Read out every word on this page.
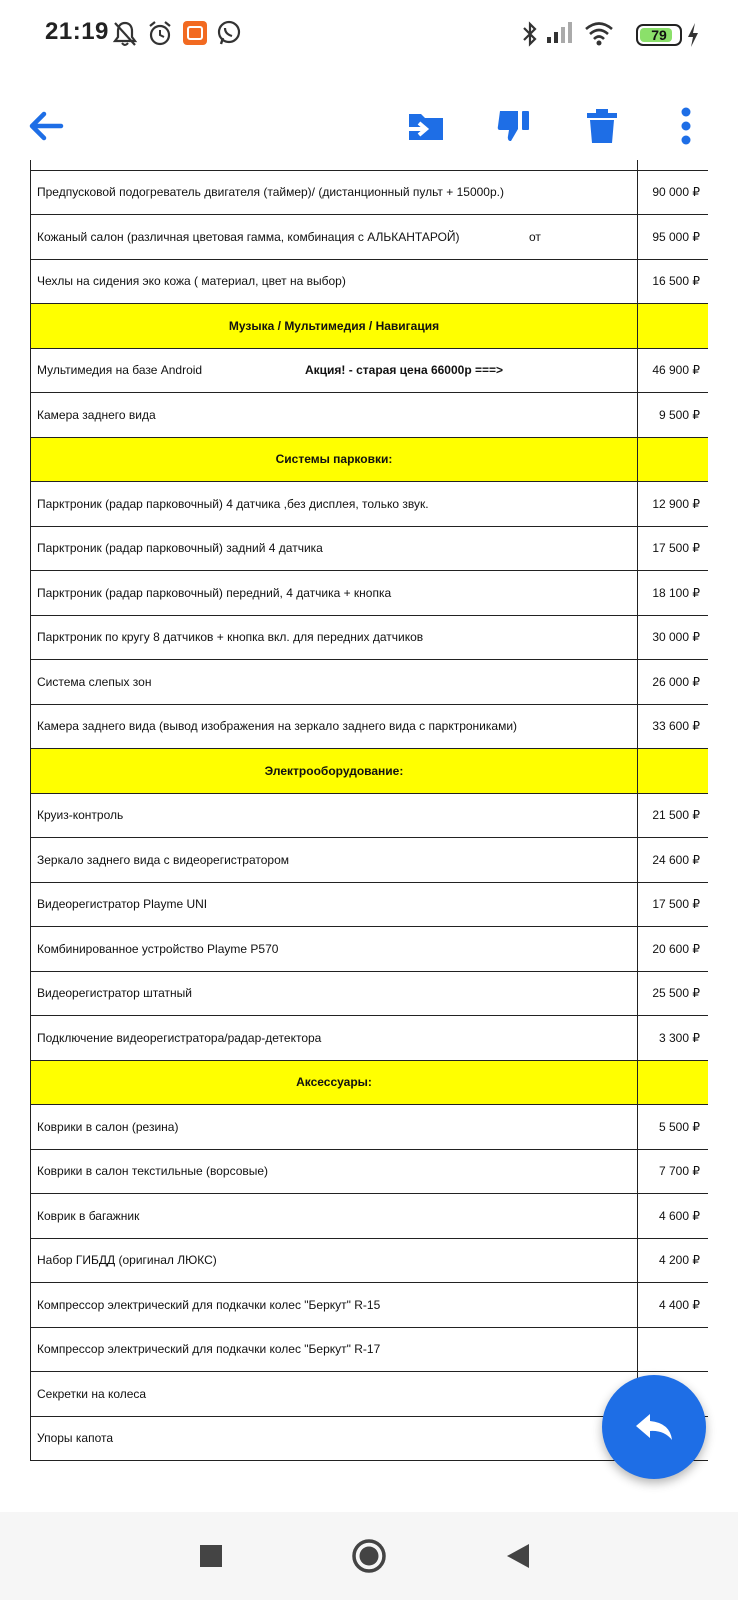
21:19	79

Предпусковой подогреватель двигателя (таймер)/ (дистанционный пульт + 15000р.)	90 000 ₽

Кожаный салон (различная цветовая гамма, комбинация с АЛЬКАНТАРОЙ) от	95 000 ₽

Чехлы на сидения эко кожа ( материал, цвет на выбор)	16 500 ₽
Музыка / Мультимедия / Навигация	

Мультимедия на базе Android Акция! - старая цена 66000р ===>	46 900 ₽

Камера заднего вида	9 500 ₽
Системы парковки:	

Парктроник (радар парковочный) 4 датчика ,без дисплея, только звук.	12 900 ₽

Парктроник (радар парковочный) задний 4 датчика	17 500 ₽

Парктроник (радар парковочный) передний, 4 датчика + кнопка	18 100 ₽

Парктроник по кругу 8 датчиков + кнопка вкл. для передних датчиков	30 000 ₽

Система слепых зон	26 000 ₽

Камера заднего вида (вывод изображения на зеркало заднего вида с парктрониками)	33 600 ₽
Электрооборудование:	

Круиз-контроль	21 500 ₽

Зеркало заднего вида с видеорегистратором	24 600 ₽

Видеорегистратор Playme UNI	17 500 ₽

Комбинированное устройство Playme P570	20 600 ₽

Видеорегистратор штатный	25 500 ₽

Подключение видеорегистратора/радар-детектора	3 300 ₽
Аксессуары:	

Коврики в салон (резина)	5 500 ₽

Коврики в салон текстильные (ворсовые)	7 700 ₽

Коврик в багажник	4 600 ₽

Набор ГИБДД (оригинал ЛЮКС)	4 200 ₽

Компрессор электрический для подкачки колес "Беркут" R-15	4 400 ₽

Компрессор электрический для подкачки колес "Беркут" R-17	

Секретки на колеса	

Упоры капота
